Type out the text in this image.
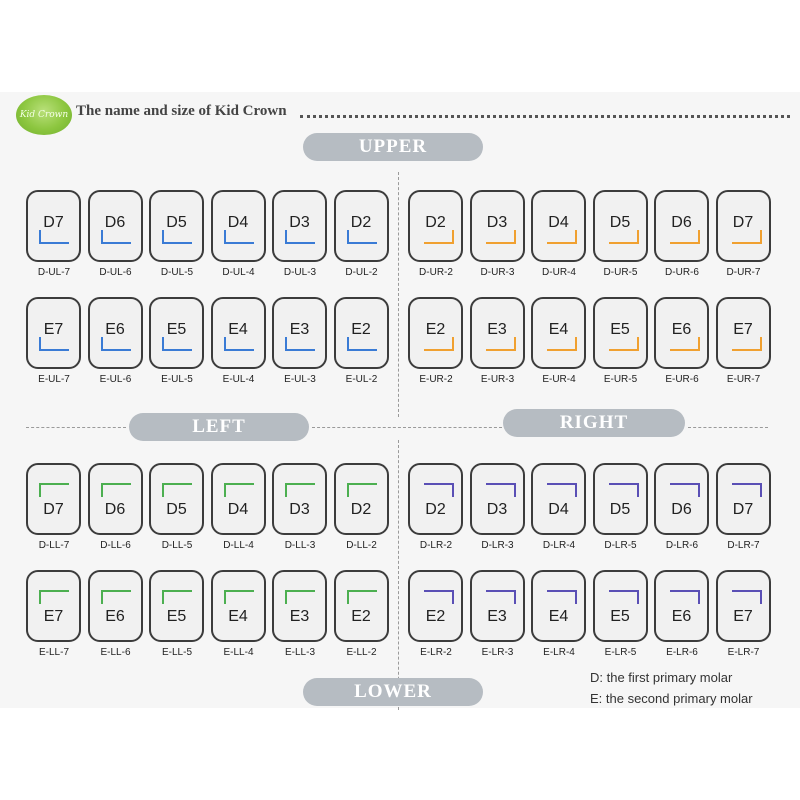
Kid Crown The name and size of Kid Crown
UPPER
LEFT	RIGHT
LOWER
D7
D-UL-7
D6
D-UL-6
D5
D-UL-5
D4
D-UL-4
D3
D-UL-3
D2
D-UL-2
E7
E-UL-7
E6
E-UL-6
E5
E-UL-5
E4
E-UL-4
E3
E-UL-3
E2
E-UL-2
D2
D-UR-2
D3
D-UR-3
D4
D-UR-4
D5
D-UR-5
D6
D-UR-6
D7
D-UR-7
E2
E-UR-2
E3
E-UR-3
E4
E-UR-4
E5
E-UR-5
E6
E-UR-6
E7
E-UR-7
D7
D-LL-7
D6
D-LL-6
D5
D-LL-5
D4
D-LL-4
D3
D-LL-3
D2
D-LL-2
E7
E-LL-7
E6
E-LL-6
E5
E-LL-5
E4
E-LL-4
E3
E-LL-3
E2
E-LL-2
D2
D-LR-2
D3
D-LR-3
D4
D-LR-4
D5
D-LR-5
D6
D-LR-6
D7
D-LR-7
E2
E-LR-2
E3
E-LR-3
E4
E-LR-4
E5
E-LR-5
E6
E-LR-6
E7
E-LR-7
D: the first primary molar
E: the second primary molar
